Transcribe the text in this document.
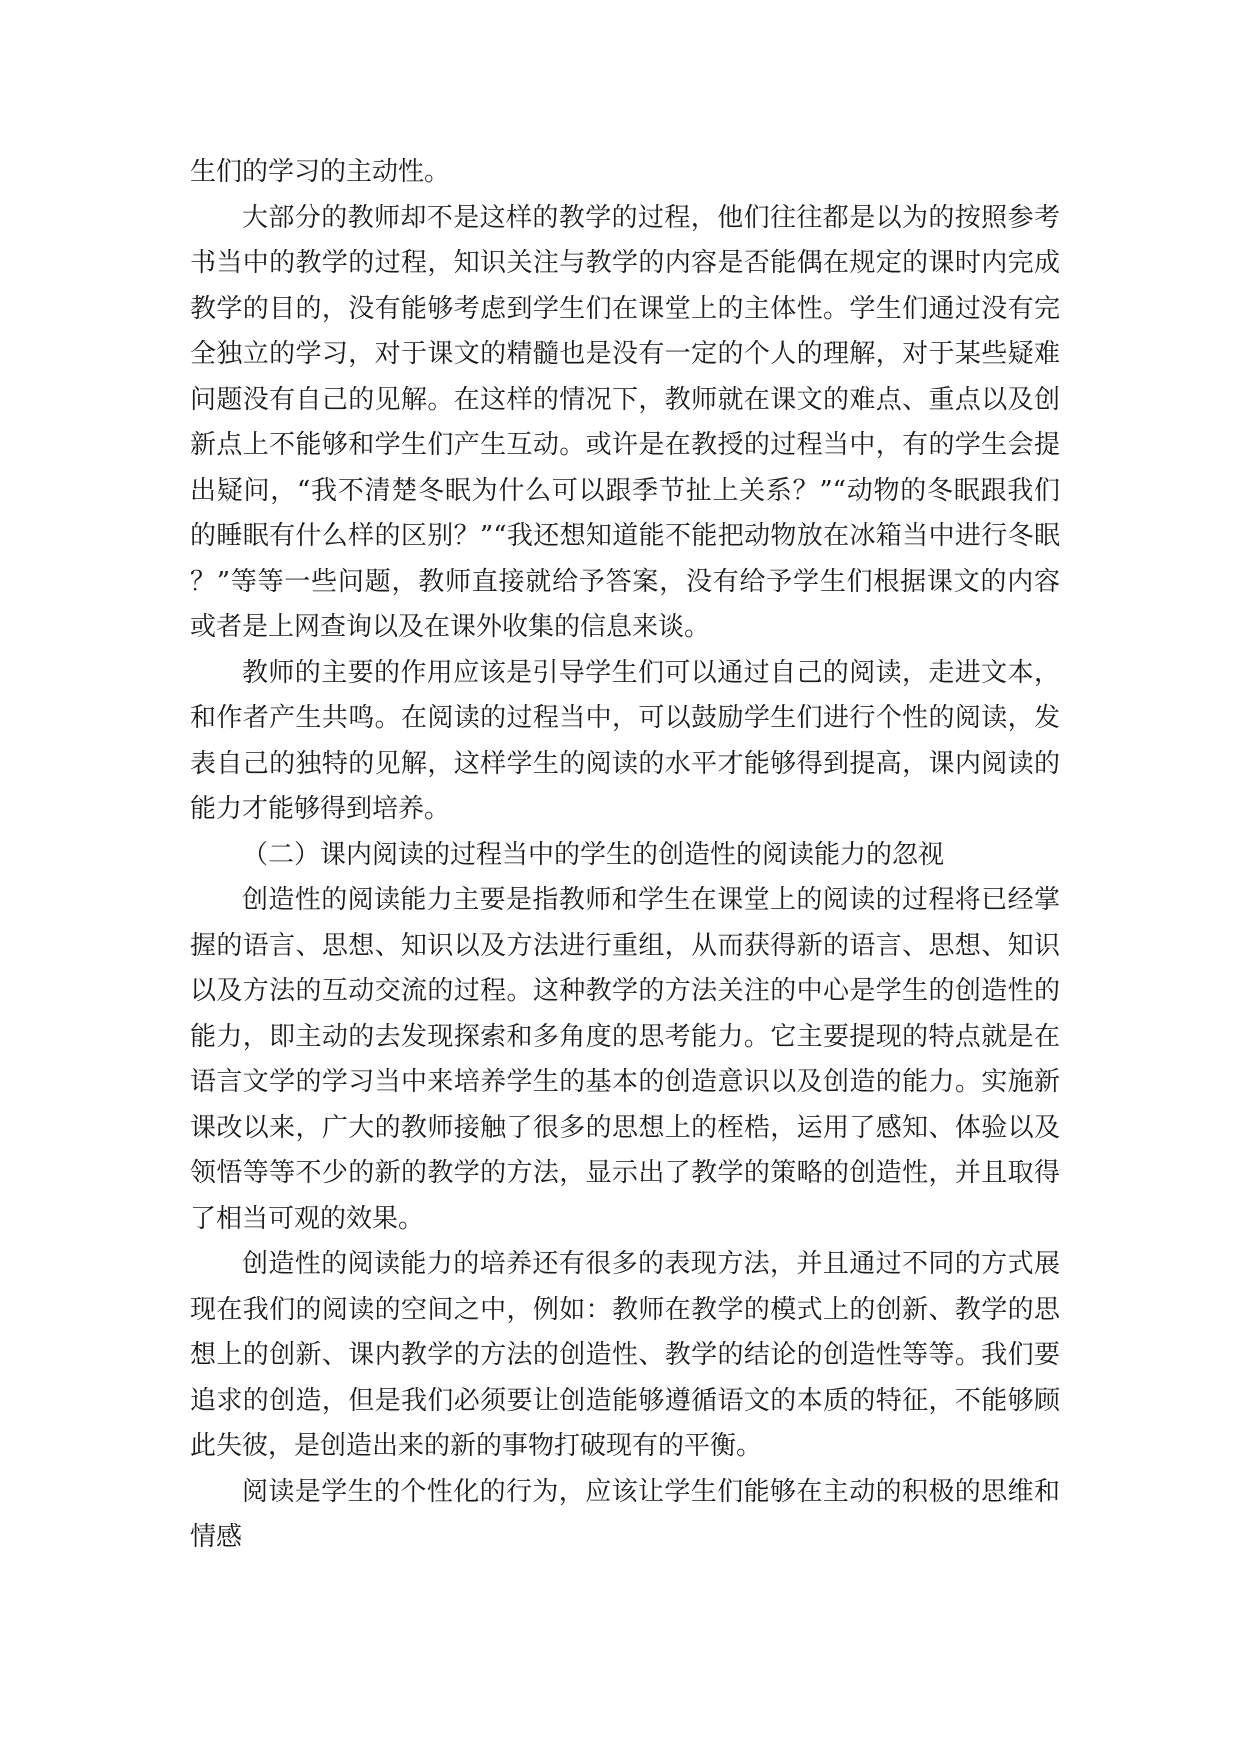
生们的学习的主动性。

大部分的教师却不是这样的教学的过程，他们往往都是以为的按照参考书当中的教学的过程，知识关注与教学的内容是否能偶在规定的课时内完成教学的目的，没有能够考虑到学生们在课堂上的主体性。学生们通过没有完全独立的学习，对于课文的精髓也是没有一定的个人的理解，对于某些疑难问题没有自己的见解。在这样的情况下，教师就在课文的难点、重点以及创新点上不能够和学生们产生互动。或许是在教授的过程当中，有的学生会提出疑问，“我不清楚冬眠为什么可以跟季节扯上关系？”“动物的冬眠跟我们的睡眠有什么样的区别？”“我还想知道能不能把动物放在冰箱当中进行冬眠？”等等一些问题，教师直接就给予答案，没有给予学生们根据课文的内容或者是上网查询以及在课外收集的信息来谈。

教师的主要的作用应该是引导学生们可以通过自己的阅读，走进文本，和作者产生共鸣。在阅读的过程当中，可以鼓励学生们进行个性的阅读，发表自己的独特的见解，这样学生的阅读的水平才能够得到提高，课内阅读的能力才能够得到培养。

（二）课内阅读的过程当中的学生的创造性的阅读能力的忽视

创造性的阅读能力主要是指教师和学生在课堂上的阅读的过程将已经掌握的语言、思想、知识以及方法进行重组，从而获得新的语言、思想、知识以及方法的互动交流的过程。这种教学的方法关注的中心是学生的创造性的能力，即主动的去发现探索和多角度的思考能力。它主要提现的特点就是在语言文学的学习当中来培养学生的基本的创造意识以及创造的能力。实施新课改以来，广大的教师接触了很多的思想上的桎梏，运用了感知、体验以及领悟等等不少的新的教学的方法，显示出了教学的策略的创造性，并且取得了相当可观的效果。

创造性的阅读能力的培养还有很多的表现方法，并且通过不同的方式展现在我们的阅读的空间之中，例如：教师在教学的模式上的创新、教学的思想上的创新、课内教学的方法的创造性、教学的结论的创造性等等。我们要追求的创造，但是我们必须要让创造能够遵循语文的本质的特征，不能够顾此失彼，是创造出来的新的事物打破现有的平衡。

阅读是学生的个性化的行为，应该让学生们能够在主动的积极的思维和情感
